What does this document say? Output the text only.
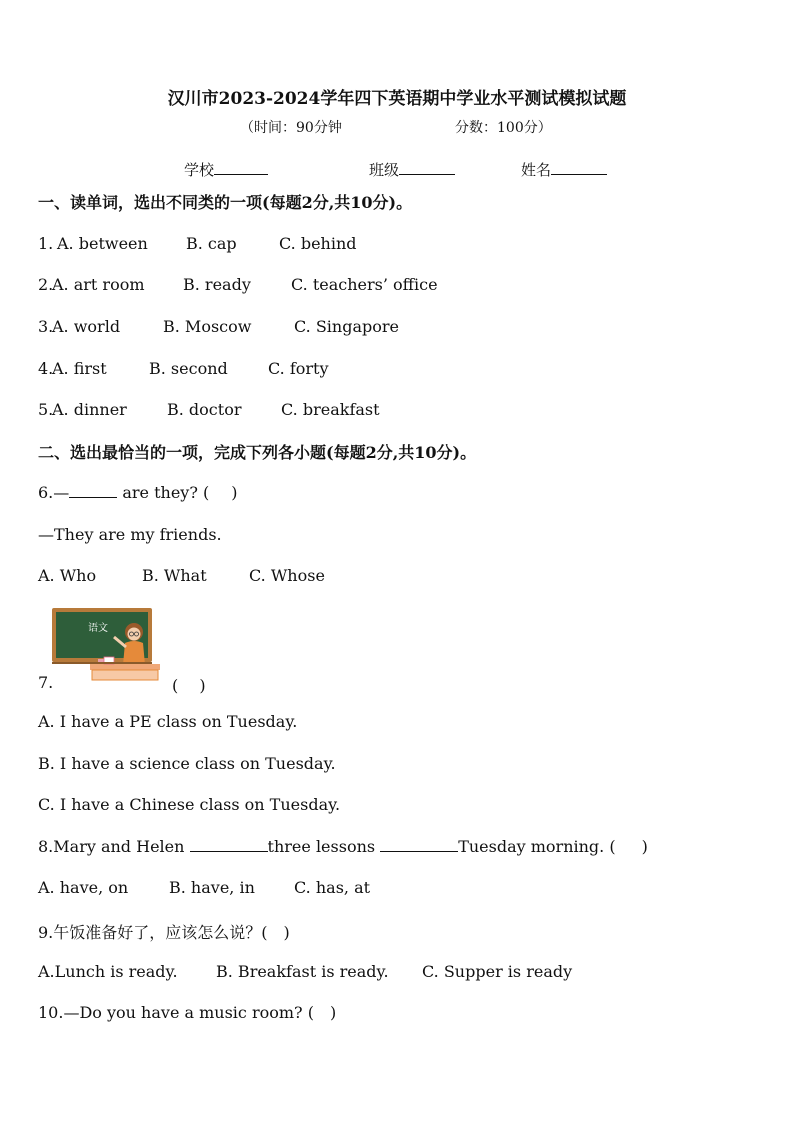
汉川市2023-2024学年四下英语期中学业水平测试模拟试题
（时间：90分钟	分数：100分）
学校	班级	姓名
一、读单词，选出不同类的一项(每题2分,共10分)。
1. A. between B. cap	C. behind
2.
A. art room B. ready	C. teachers’ office
3.
A. world	B. Moscow	C. Singapore
4.
A. first	B. second	C. forty
5.
A. dinner	B. doctor C. breakfast
二、选出最恰当的一项，完成下列各小题(每题2分,共10分)。
6.—	are they? ( )
—They are my friends.
A. Who	B. What	C. Whose
语文
7.	(　 )
A. I have a PE class on Tuesday.
B. I have a science class on Tuesday.
C. I have a Chinese class on Tuesday.
8.Mary and Helen	three lessons	Tuesday morning. ( )
A. have, on	B. have, in C. has, at
9.午饭准备好了，应该怎么说？( )
A.Lunch is ready. B. Breakfast is ready. C. Supper is ready
10.—Do you have a music room? ( )
